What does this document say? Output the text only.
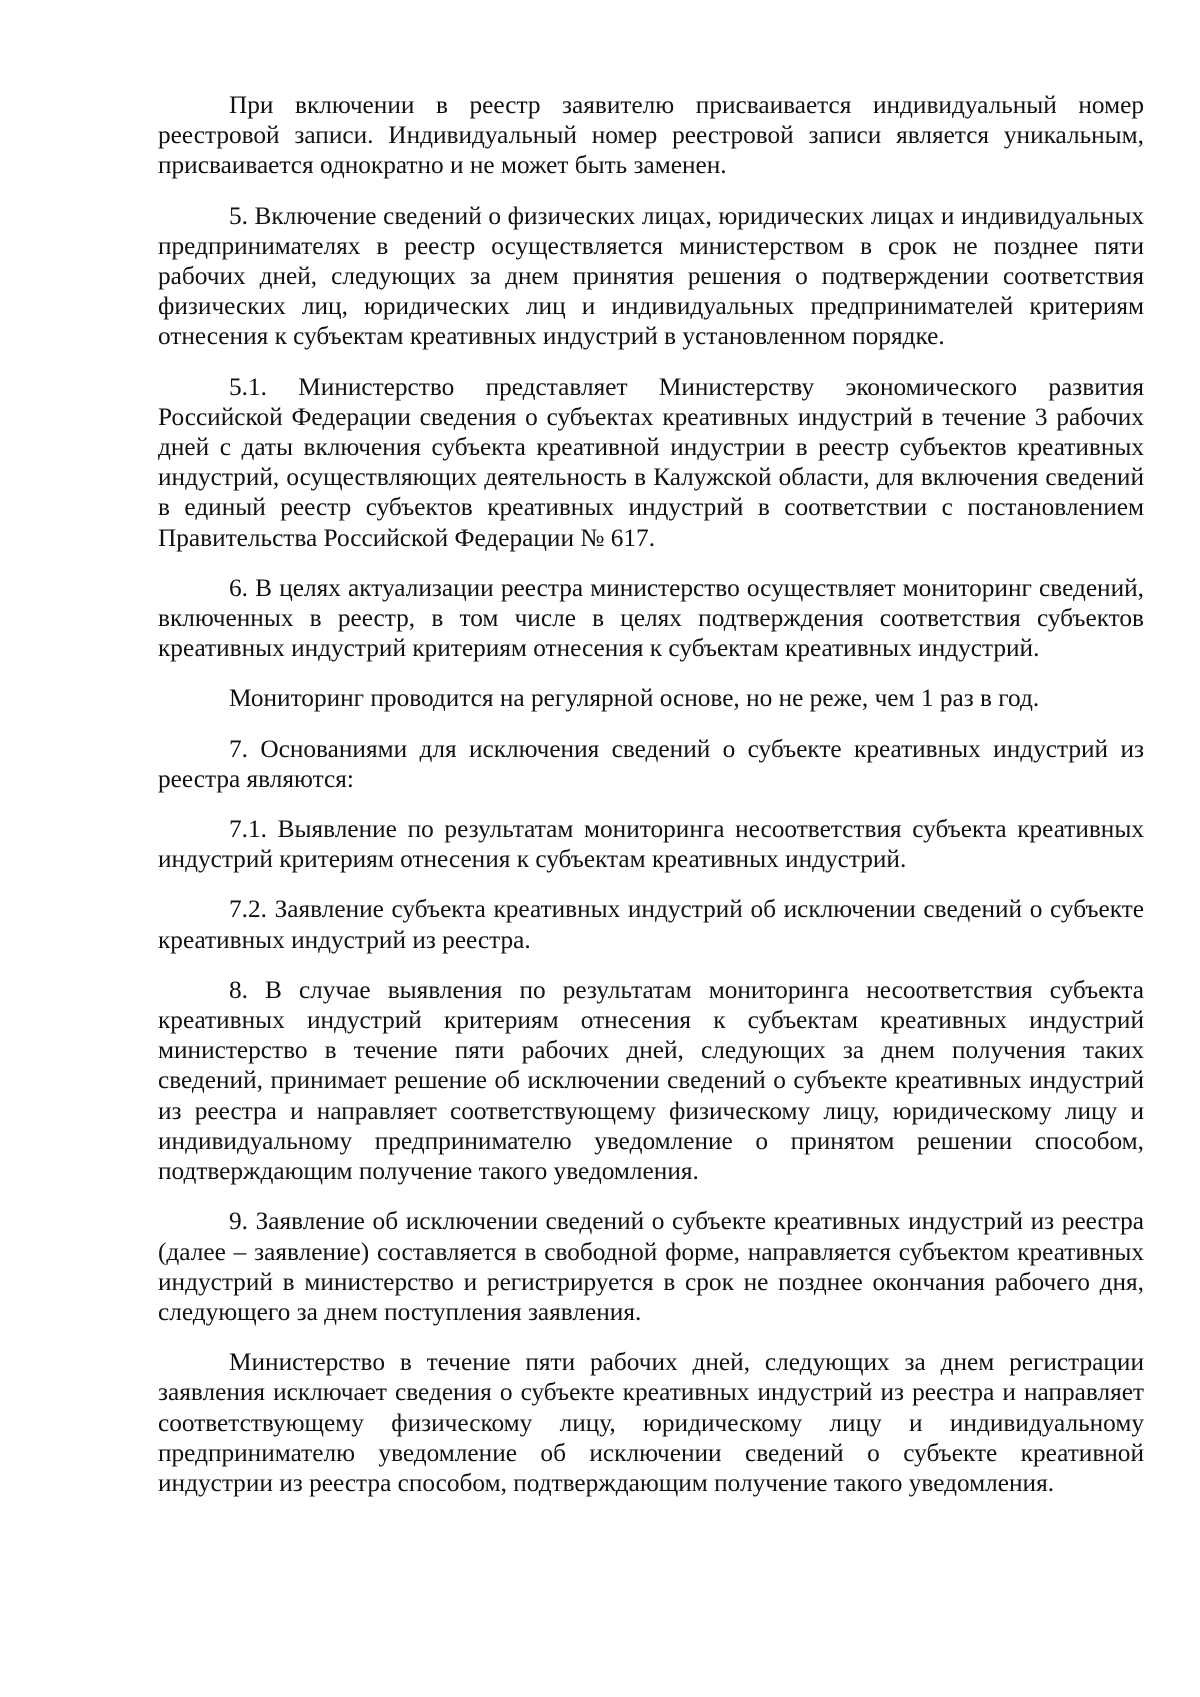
При включении в реестр заявителю присваивается индивидуальный номер реестровой записи. Индивидуальный номер реестровой записи является уникальным, присваивается однократно и не может быть заменен.

5. Включение сведений о физических лицах, юридических лицах и индивидуальных предпринимателях в реестр осуществляется министерством в срок не позднее пяти рабочих дней, следующих за днем принятия решения о подтверждении соответствия физических лиц, юридических лиц и индивидуальных предпринимателей критериям отнесения к субъектам креативных индустрий в установленном порядке.

5.1. Министерство представляет Министерству экономического развития Российской Федерации сведения о субъектах креативных индустрий в течение 3 рабочих дней с даты включения субъекта креативной индустрии в реестр субъектов креативных индустрий, осуществляющих деятельность в Калужской области, для включения сведений в единый реестр субъектов креативных индустрий в соответствии с постановлением Правительства Российской Федерации № 617.

6. В целях актуализации реестра министерство осуществляет мониторинг сведений, включенных в реестр, в том числе в целях подтверждения соответствия субъектов креативных индустрий критериям отнесения к субъектам креативных индустрий.

Мониторинг проводится на регулярной основе, но не реже, чем 1 раз в год.

7. Основаниями для исключения сведений о субъекте креативных индустрий из реестра являются:

7.1. Выявление по результатам мониторинга несоответствия субъекта креативных индустрий критериям отнесения к субъектам креативных индустрий.

7.2. Заявление субъекта креативных индустрий об исключении сведений о субъекте креативных индустрий из реестра.

8. В случае выявления по результатам мониторинга несоответствия субъекта креативных индустрий критериям отнесения к субъектам креативных индустрий министерство в течение пяти рабочих дней, следующих за днем получения таких сведений, принимает решение об исключении сведений о субъекте креативных индустрий из реестра и направляет соответствующему физическому лицу, юридическому лицу и индивидуальному предпринимателю уведомление о принятом решении способом, подтверждающим получение такого уведомления.

9. Заявление об исключении сведений о субъекте креативных индустрий из реестра (далее – заявление) составляется в свободной форме, направляется субъектом креативных индустрий в министерство и регистрируется в срок не позднее окончания рабочего дня, следующего за днем поступления заявления.

Министерство в течение пяти рабочих дней, следующих за днем регистрации заявления исключает сведения о субъекте креативных индустрий из реестра и направляет соответствующему физическому лицу, юридическому лицу и индивидуальному предпринимателю уведомление об исключении сведений о субъекте креативной индустрии из реестра способом, подтверждающим получение такого уведомления.
